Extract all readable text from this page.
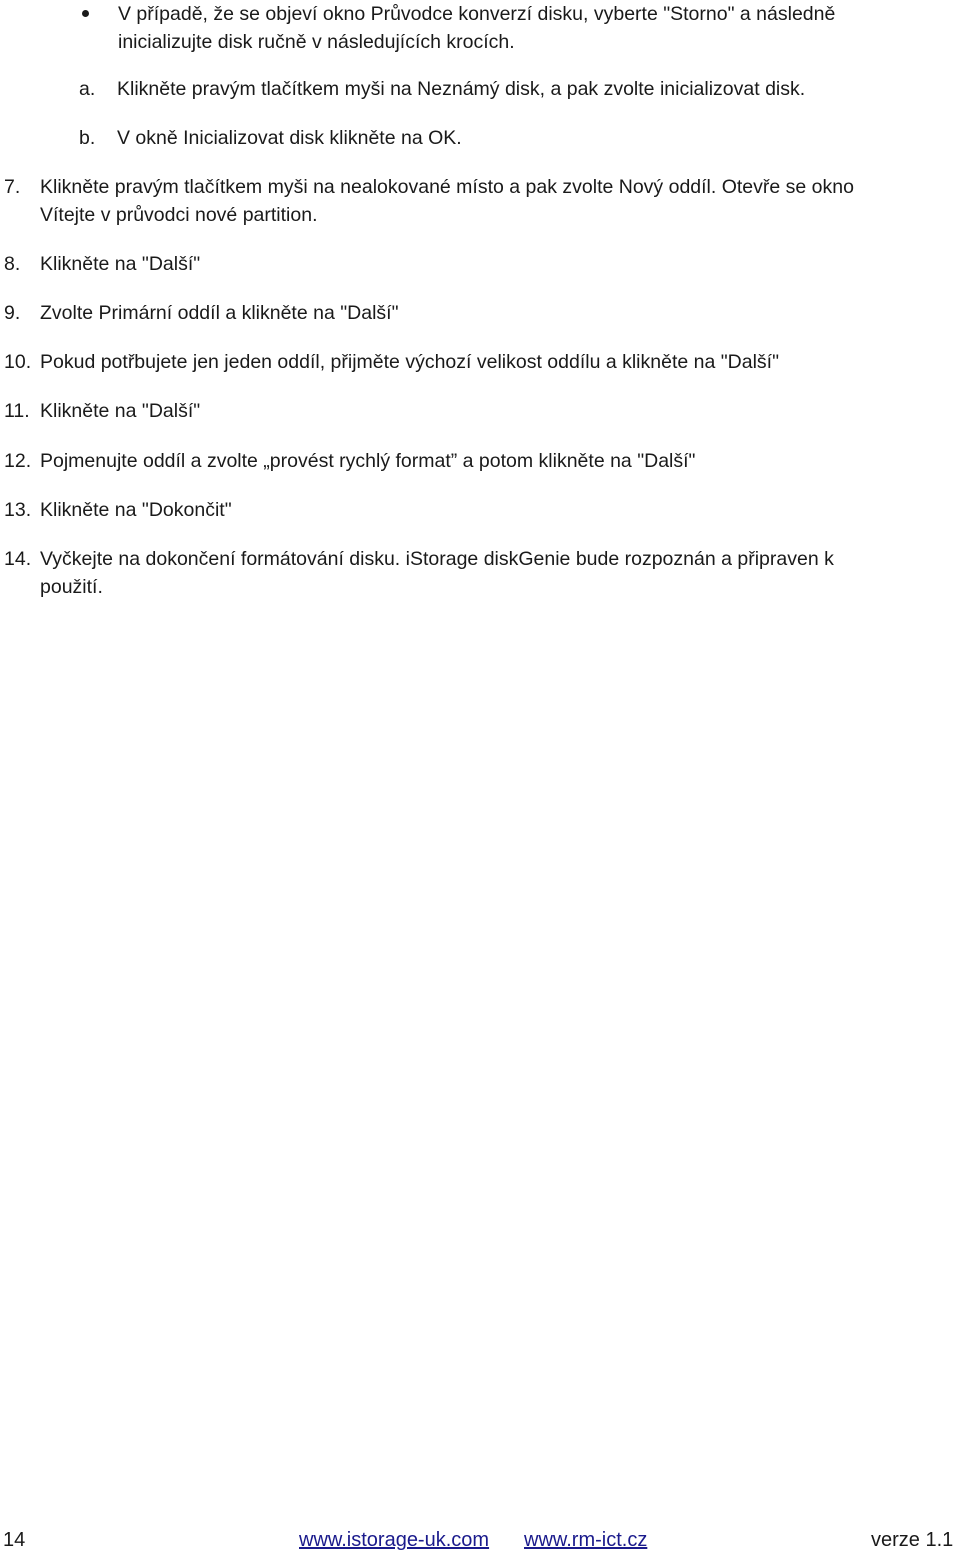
V případě, že se objeví okno Průvodce konverzí disku, vyberte "Storno" a následně
inicializujte disk ručně v následujících krocích.
a. Klikněte pravým tlačítkem myši na Neznámý disk, a pak zvolte inicializovat disk.
b. V okně Inicializovat disk klikněte na OK.
7. Klikněte pravým tlačítkem myši na nealokované místo a pak zvolte Nový oddíl. Otevře se okno
Vítejte v průvodci nové partition.
8. Klikněte na "Další"
9. Zvolte Primární oddíl a klikněte na "Další"
10. Pokud potřbujete jen jeden oddíl, přijměte výchozí velikost oddílu a klikněte na "Další"
11. Klikněte na "Další"
12. Pojmenujte oddíl a zvolte „provést rychlý format” a potom klikněte na "Další"
13. Klikněte na "Dokončit"
14. Vyčkejte na dokončení formátování disku. iStorage diskGenie bude rozpoznán a připraven k
použití.
14	www.istorage-uk.com www.rm-ict.cz	verze 1.1
